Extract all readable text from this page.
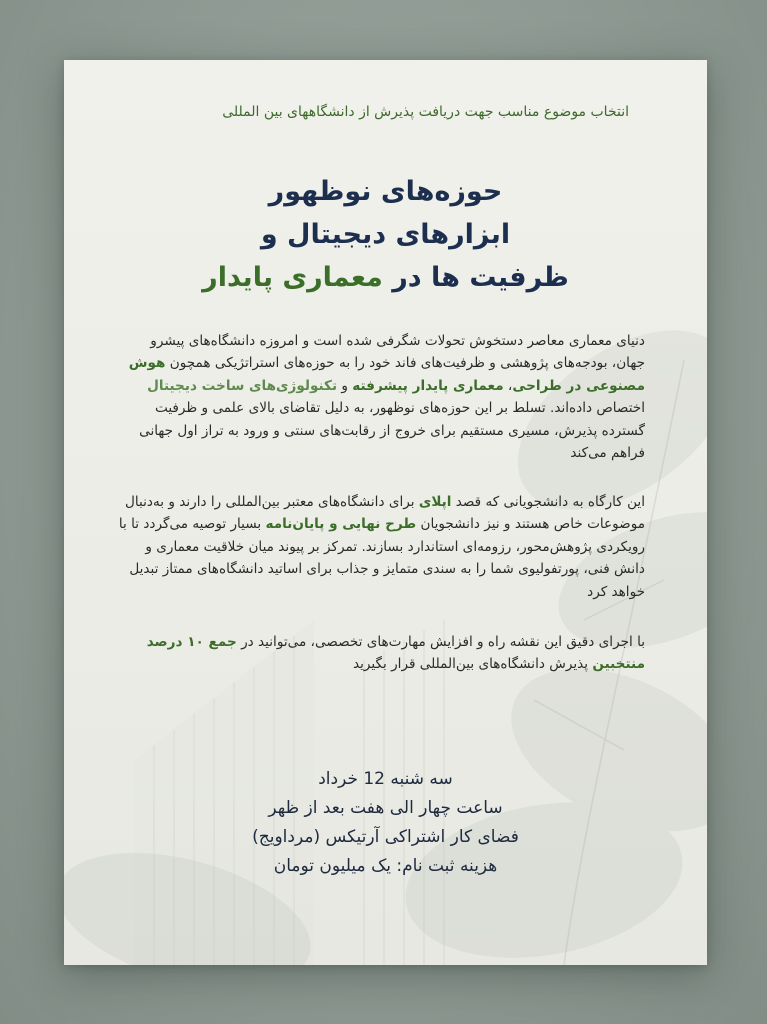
انتخاب موضوع مناسب جهت دریافت پذیرش از دانشگاههای بین المللی
حوزه‌های نوظهور
ابزارهای دیجیتال و
ظرفیت ها در معماری پایدار
دنیای معماری معاصر دستخوش تحولات شگرفی شده است و امروزه دانشگاه‌های پیشرو جهان، بودجه‌های پژوهشی و ظرفیت‌های فاند خود را به حوزه‌های استراتژیکی همچون هوش مصنوعی در طراحی، معماری پایدار پیشرفته و تکنولوژی‌های ساخت دیجیتال اختصاص داده‌اند. تسلط بر این حوزه‌های نوظهور، به دلیل تقاضای بالای علمی و ظرفیت گسترده پذیرش، مسیری مستقیم برای خروج از رقابت‌های سنتی و ورود به تراز اول جهانی فراهم می‌کند
این کارگاه به دانشجویانی که قصد اپلای برای دانشگاه‌های معتبر بین‌المللی را دارند و به‌دنبال موضوعات خاص هستند و نیز دانشجویان طرح نهایی و پایان‌نامه بسیار توصیه می‌گردد تا با رویکردی پژوهش‌محور، رزومه‌ای استاندارد بسازند. تمرکز بر پیوند میان خلاقیت معماری و دانش فنی، پورتفولیوی شما را به سندی متمایز و جذاب برای اساتید دانشگاه‌های ممتاز تبدیل خواهد کرد
با اجرای دقیق این نقشه راه و افزایش مهارت‌های تخصصی، می‌توانید در جمع ۱۰ درصد منتخبین پذیرش دانشگاه‌های بین‌المللی قرار بگیرید
سه شنبه 12 خرداد
ساعت چهار الی هفت بعد از ظهر
فضای کار اشتراکی آرتیکس (مرداویج)
هزینه ثبت نام: یک میلیون تومان
